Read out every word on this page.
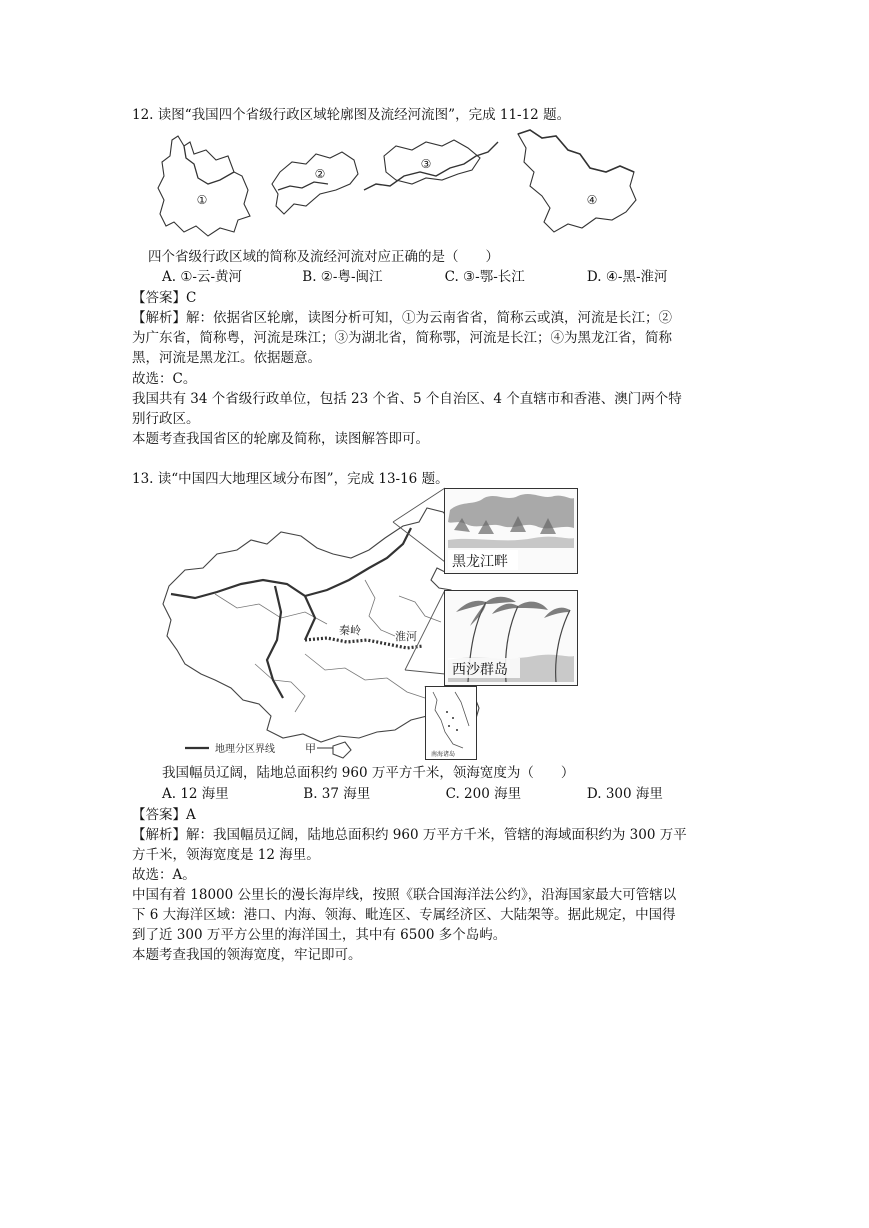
12. 读图“我国四个省级行政区域轮廓图及流经河流图”，完成 11-12 题。
①
②
③
④
四个省级行政区域的简称及流经河流对应正确的是（　　）
A. ①-云-黄河	B. ②-粤-闽江	C. ③-鄂-长江	D. ④-黑-淮河
【答案】C
【解析】解：依据省区轮廓，读图分析可知，①为云南省省，简称云或滇，河流是长江；②
为广东省，简称粤，河流是珠江；③为湖北省，简称鄂，河流是长江；④为黑龙江省，简称
黑，河流是黑龙江。依据题意。
故选：C。
我国共有 34 个省级行政单位，包括 23 个省、5 个自治区、4 个直辖市和香港、澳门两个特
别行政区。
本题考查我国省区的轮廓及简称，读图解答即可。
13. 读“中国四大地理区域分布图”，完成 13-16 题。
秦岭	淮河
甲
地理分区界线
黑龙江畔
西沙群岛
南海诸岛
我国幅员辽阔，陆地总面积约 960 万平方千米，领海宽度为（　　）
A. 12 海里	B. 37 海里	C. 200 海里	D. 300 海里
【答案】A
【解析】解：我国幅员辽阔，陆地总面积约 960 万平方千米，管辖的海域面积约为 300 万平
方千米，领海宽度是 12 海里。
故选：A。
中国有着 18000 公里长的漫长海岸线，按照《联合国海洋法公约》，沿海国家最大可管辖以
下 6 大海洋区域：港口、内海、领海、毗连区、专属经济区、大陆架等。据此规定，中国得
到了近 300 万平方公里的海洋国土，其中有 6500 多个岛屿。
本题考查我国的领海宽度，牢记即可。
